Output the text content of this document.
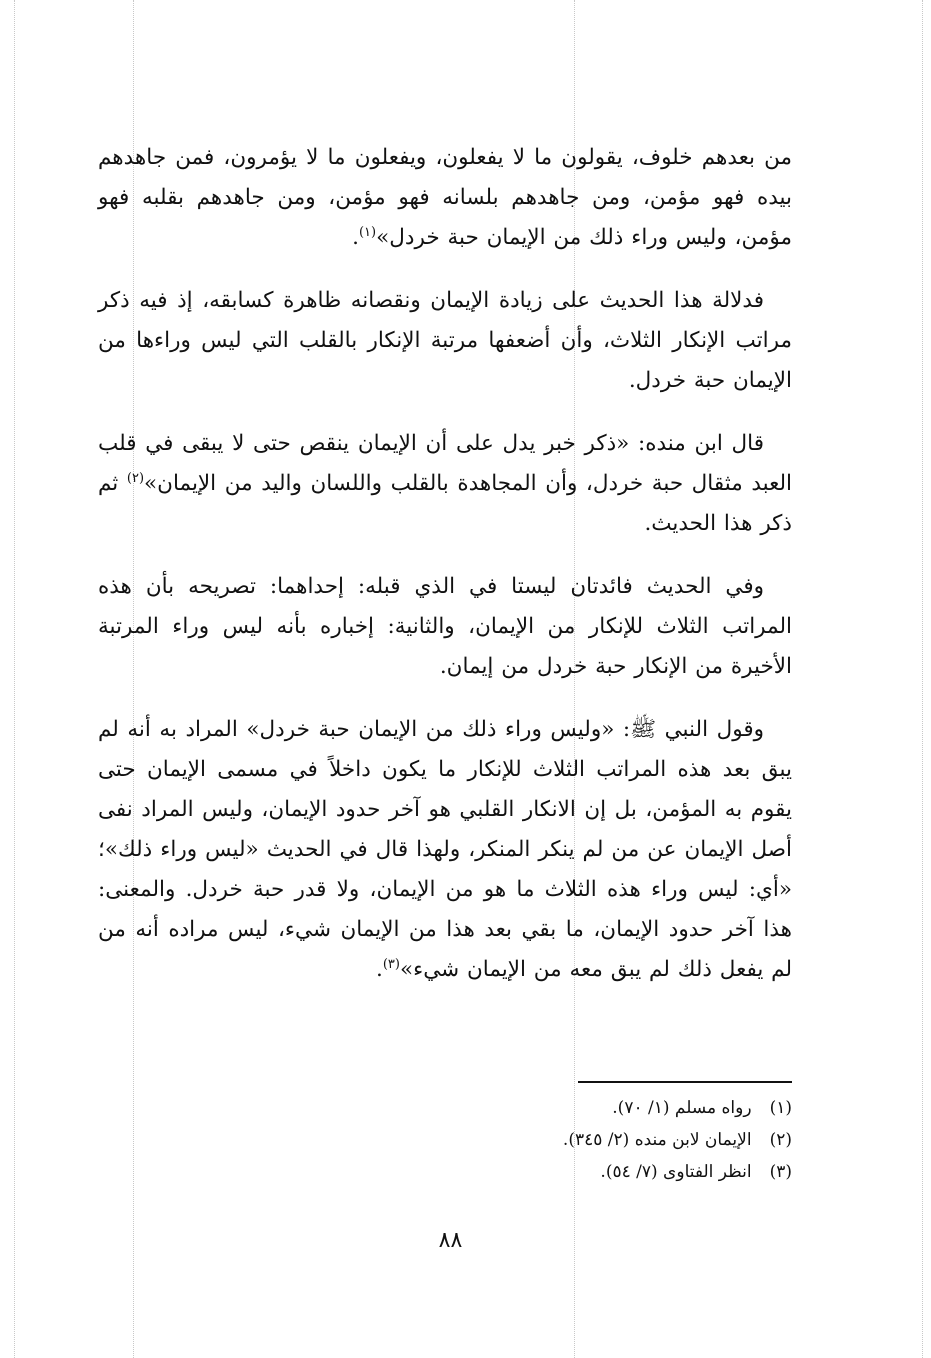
من بعدهم خلوف، يقولون ما لا يفعلون، ويفعلون ما لا يؤمرون، فمن جاهدهم بيده فهو مؤمن، ومن جاهدهم بلسانه فهو مؤمن، ومن جاهدهم بقلبه فهو مؤمن، وليس وراء ذلك من الإيمان حبة خردل»$^{(١)}$.

فدلالة هذا الحديث على زيادة الإيمان ونقصانه ظاهرة كسابقه، إذ فيه ذكر مراتب الإنكار الثلاث، وأن أضعفها مرتبة الإنكار بالقلب التي ليس وراءها من الإيمان حبة خردل.

قال ابن منده: «ذكر خبر يدل على أن الإيمان ينقص حتى لا يبقى في قلب العبد مثقال حبة خردل، وأن المجاهدة بالقلب واللسان واليد من الإيمان»$^{(٢)}$ ثم ذكر هذا الحديث.

وفي الحديث فائدتان ليستا في الذي قبله: إحداهما: تصريحه بأن هذه المراتب الثلاث للإنكار من الإيمان، والثانية: إخباره بأنه ليس وراء المرتبة الأخيرة من الإنكار حبة خردل من إيمان.

وقول النبي ﷺ: «وليس وراء ذلك من الإيمان حبة خردل» المراد به أنه لم يبق بعد هذه المراتب الثلاث للإنكار ما يكون داخلاً في مسمى الإيمان حتى يقوم به المؤمن، بل إن الانكار القلبي هو آخر حدود الإيمان، وليس المراد نفى أصل الإيمان عن من لم ينكر المنكر، ولهذا قال في الحديث «ليس وراء ذلك»؛ «أي: ليس وراء هذه الثلاث ما هو من الإيمان، ولا قدر حبة خردل. والمعنى: هذا آخر حدود الإيمان، ما بقي بعد هذا من الإيمان شيء، ليس مراده أنه من لم يفعل ذلك لم يبق معه من الإيمان شيء»$^{(٣)}$.

(١)رواه مسلم (١/ ٧٠).
(٢)الإيمان لابن منده (٢/ ٣٤٥).
(٣)انظر الفتاوى (٧/ ٥٤).
٨٨
